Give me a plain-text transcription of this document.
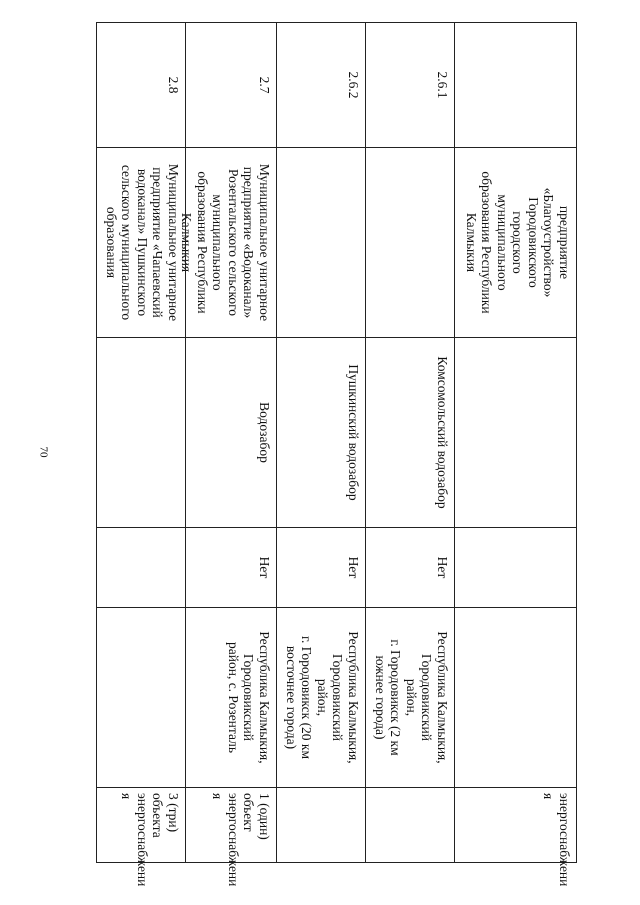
70
предприятие
«Благоустройство»
Городовикского
городского
муниципального
образования Республики
Калмыкия
энергоснабжени
я
2.6.1
Комсомольский водозабор
Нет
Республика Калмыкия,
Городовикский
район,
г. Городовикск (2 км
южнее города)
2.6.2
Пушкинский водозабор
Нет
Республика Калмыкия,
Городовикский
район,
г. Городовикск (20 км
восточнее города)
2.7
Муниципальное унитарное
предприятие «Водоканал»
Розентальского сельского
муниципального
образования Республики
Калмыкия
Водозабор
Нет
Республика Калмыкия,
Городовикский
район, с. Розенталь
1 (один) объект
энергоснабжени
я
2.8
Муниципальное унитарное
предприятие «Чапаевский
водоканал» Пушкинского
сельского муниципального
образования
3 (три) объекта
энергоснабжени
я
